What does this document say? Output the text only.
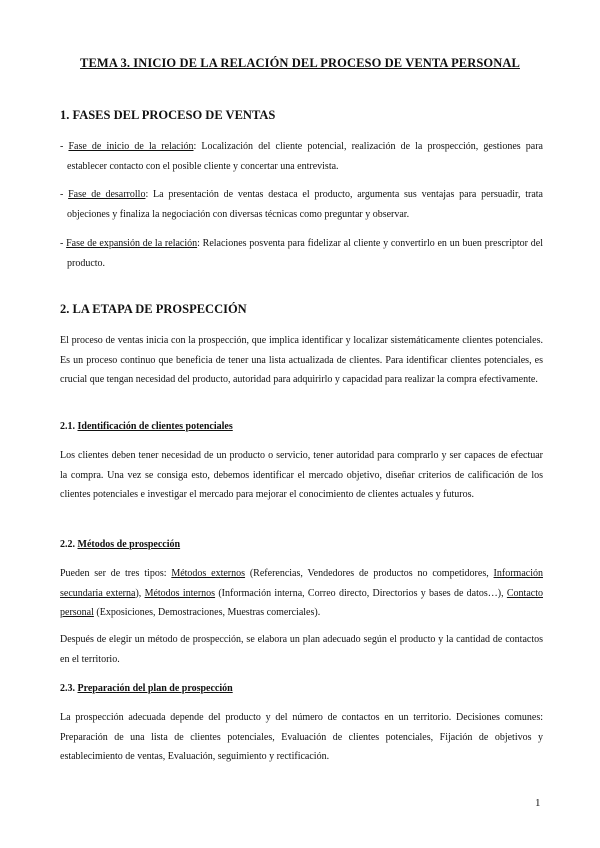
TEMA 3. INICIO DE LA RELACIÓN DEL PROCESO DE VENTA PERSONAL
1. FASES DEL PROCESO DE VENTAS
- Fase de inicio de la relación: Localización del cliente potencial, realización de la prospección, gestiones para establecer contacto con el posible cliente y concertar una entrevista.
- Fase de desarrollo: La presentación de ventas destaca el producto, argumenta sus ventajas para persuadir, trata objeciones y finaliza la negociación con diversas técnicas como preguntar y observar.
- Fase de expansión de la relación: Relaciones posventa para fidelizar al cliente y convertirlo en un buen prescriptor del producto.
2. LA ETAPA DE PROSPECCIÓN
El proceso de ventas inicia con la prospección, que implica identificar y localizar sistemáticamente clientes potenciales. Es un proceso continuo que beneficia de tener una lista actualizada de clientes. Para identificar clientes potenciales, es crucial que tengan necesidad del producto, autoridad para adquirirlo y capacidad para realizar la compra efectivamente.
2.1. Identificación de clientes potenciales
Los clientes deben tener necesidad de un producto o servicio, tener autoridad para comprarlo y ser capaces de efectuar la compra. Una vez se consiga esto, debemos identificar el mercado objetivo, diseñar criterios de calificación de los clientes potenciales e investigar el mercado para mejorar el conocimiento de clientes actuales y futuros.
2.2. Métodos de prospección
Pueden ser de tres tipos: Métodos externos (Referencias, Vendedores de productos no competidores, Información secundaria externa), Métodos internos (Información interna, Correo directo, Directorios y bases de datos…), Contacto personal (Exposiciones, Demostraciones, Muestras comerciales).
Después de elegir un método de prospección, se elabora un plan adecuado según el producto y la cantidad de contactos en el territorio.
2.3. Preparación del plan de prospección
La prospección adecuada depende del producto y del número de contactos en un territorio. Decisiones comunes: Preparación de una lista de clientes potenciales, Evaluación de clientes potenciales, Fijación de objetivos y establecimiento de ventas, Evaluación, seguimiento y rectificación.
1
